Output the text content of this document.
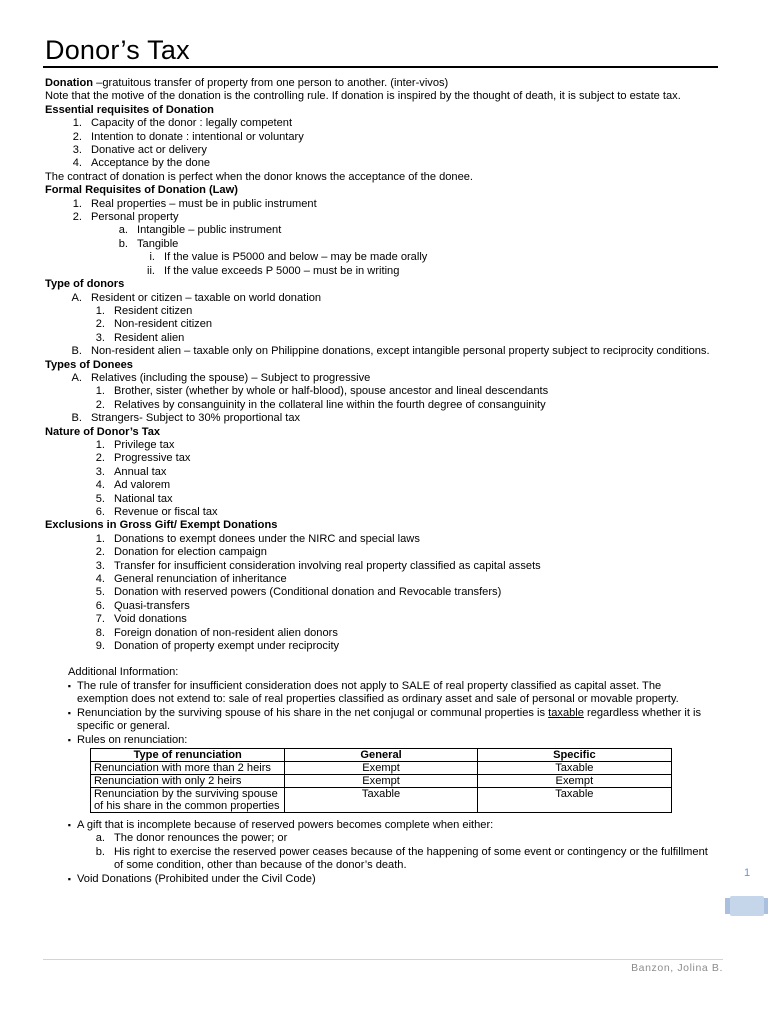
Donor’s Tax

Donation –gratuitous transfer of property from one person to another. (inter-vivos)

Note that the motive of the donation is the controlling rule. If donation is inspired by the thought of death, it is subject to estate tax.

Essential requisites of Donation

1. Capacity of the donor : legally competent
2. Intention to donate : intentional or voluntary
3. Donative act or delivery
4. Acceptance by the done

The contract of donation is perfect when the donor knows the acceptance of the donee.

Formal Requisites of Donation (Law)

1. Real properties – must be in public instrument
2. Personal property
a. Intangible – public instrument
b. Tangible
i. If the value is P5000 and below – may be made orally
ii. If the value exceeds P 5000 – must be in writing

Type of donors

A. Resident or citizen – taxable on world donation
1. Resident citizen
2. Non-resident citizen
3. Resident alien
B. Non-resident alien – taxable only on Philippine donations, except intangible personal property subject to reciprocity conditions.

Types of Donees

A. Relatives (including the spouse) – Subject to progressive
1. Brother, sister (whether by whole or half-blood), spouse ancestor and lineal descendants
2. Relatives by consanguinity in the collateral line within the fourth degree of consanguinity
B. Strangers- Subject to 30% proportional tax

Nature of Donor’s Tax

1. Privilege tax
2. Progressive tax
3. Annual tax
4. Ad valorem
5. National tax
6. Revenue or fiscal tax

Exclusions in Gross Gift/ Exempt Donations

1. Donations to exempt donees under the NIRC and special laws
2. Donation for election campaign
3. Transfer for insufficient consideration involving real property classified as capital assets
4. General renunciation of inheritance
5. Donation with reserved powers (Conditional donation and Revocable transfers)
6. Quasi-transfers
7. Void donations
8. Foreign donation of non-resident alien donors
9. Donation of property exempt under reciprocity

Additional Information:

▪ The rule of transfer for insufficient consideration does not apply to SALE of real property classified as capital asset. The exemption does not extend to: sale of real properties classified as ordinary asset and sale of personal or movable property.
▪ Renunciation by the surviving spouse of his share in the net conjugal or communal properties is taxable regardless whether it is specific or general.
▪ Rules on renunciation:
Type of renunciation	General	Specific
Renunciation with more than 2 heirs	Exempt	Taxable
Renunciation with only 2 heirs	Exempt	Exempt
Renunciation by the surviving spouse of his share in the common properties	Taxable	Taxable
▪ A gift that is incomplete because of reserved powers becomes complete when either:
a. The donor renounces the power; or
b. His right to exercise the reserved power ceases because of the happening of some event or contingency or the fulfillment of some condition, other than because of the donor’s death.
▪ Void Donations (Prohibited under the Civil Code)	1
Banzon, Jolina B.
